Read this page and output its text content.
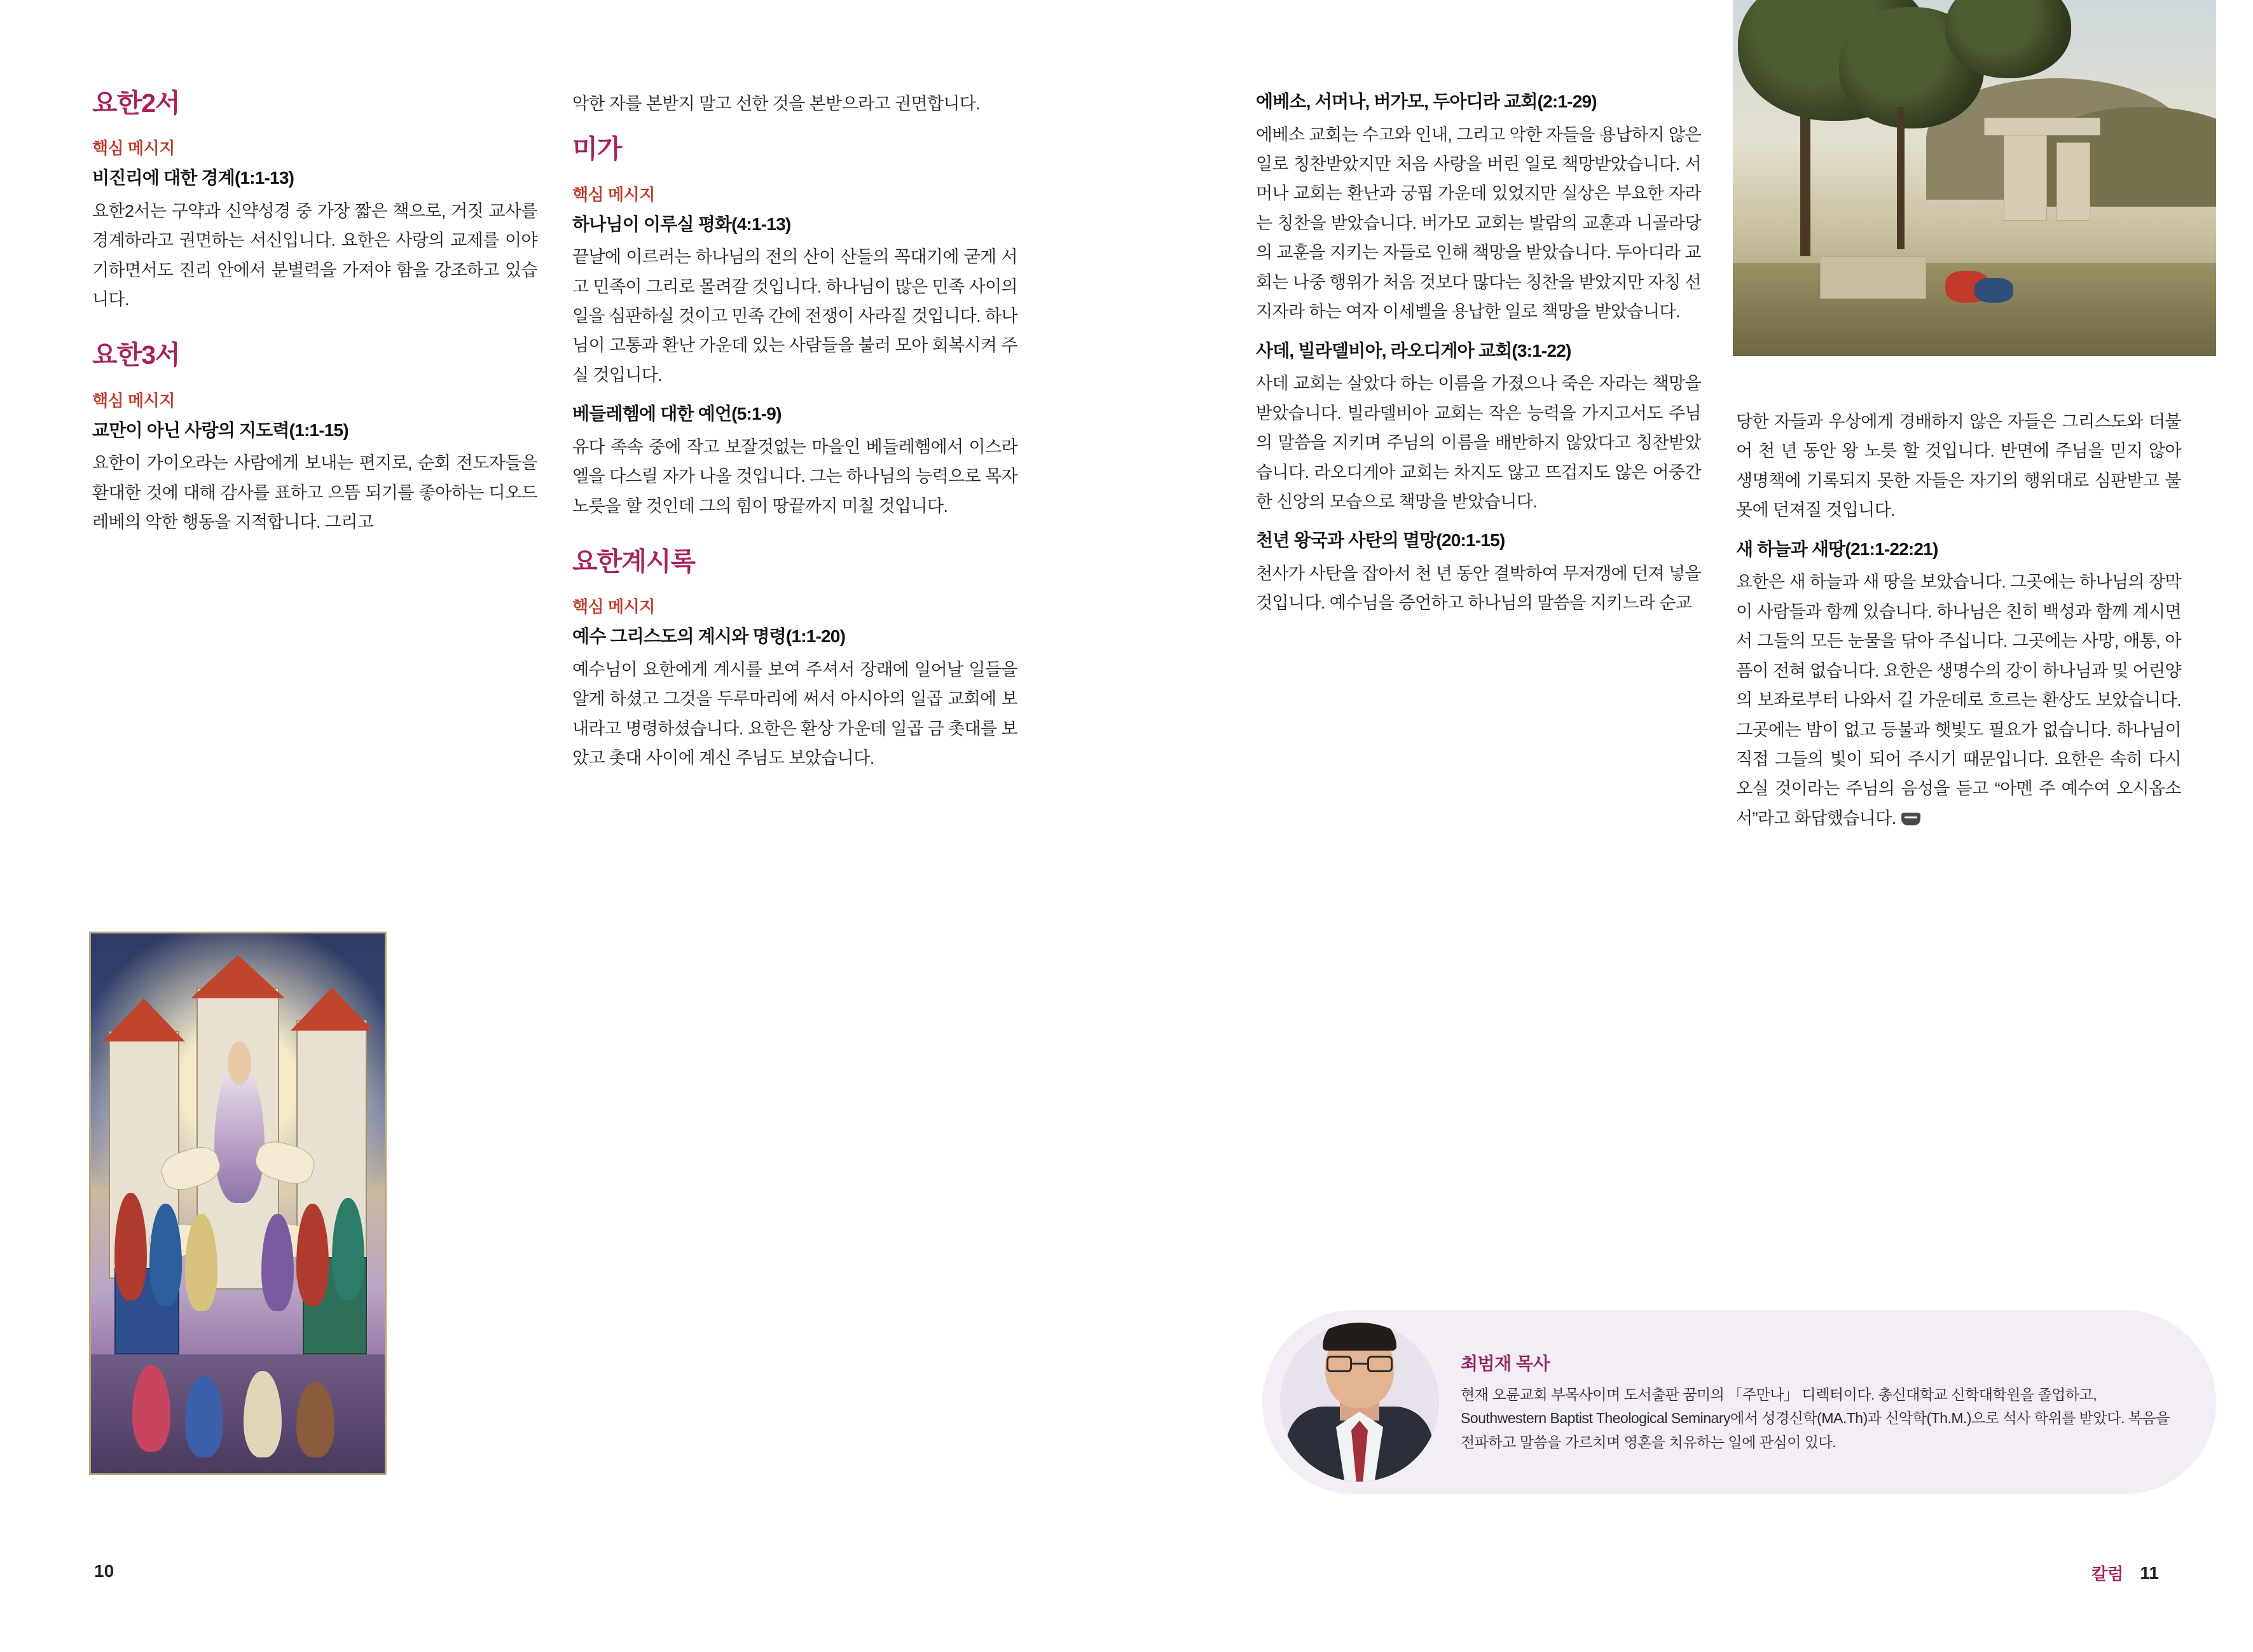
요한2서
핵심 메시지
비진리에 대한 경계(1:1-13)

요한2서는 구약과 신약성경 중 가장 짧은 책으로, 거짓 교사를 경계하라고 권면하는 서신입니다. 요한은 사랑의 교제를 이야기하면서도 진리 안에서 분별력을 가져야 함을 강조하고 있습니다.

요한3서
핵심 메시지
교만이 아닌 사랑의 지도력(1:1-15)

요한이 가이오라는 사람에게 보내는 편지로, 순회 전도자들을 환대한 것에 대해 감사를 표하고 으뜸 되기를 좋아하는 디오드레베의 악한 행동을 지적합니다. 그리고

악한 자를 본받지 말고 선한 것을 본받으라고 권면합니다.

미가
핵심 메시지
하나님이 이루실 평화(4:1-13)

끝날에 이르러는 하나님의 전의 산이 산들의 꼭대기에 굳게 서고 민족이 그리로 몰려갈 것입니다. 하나님이 많은 민족 사이의 일을 심판하실 것이고 민족 간에 전쟁이 사라질 것입니다. 하나님이 고통과 환난 가운데 있는 사람들을 불러 모아 회복시켜 주실 것입니다.

베들레헴에 대한 예언(5:1-9)

유다 족속 중에 작고 보잘것없는 마을인 베들레헴에서 이스라엘을 다스릴 자가 나올 것입니다. 그는 하나님의 능력으로 목자 노릇을 할 것인데 그의 힘이 땅끝까지 미칠 것입니다.

요한계시록
핵심 메시지
예수 그리스도의 계시와 명령(1:1-20)

예수님이 요한에게 계시를 보여 주셔서 장래에 일어날 일들을 알게 하셨고 그것을 두루마리에 써서 아시아의 일곱 교회에 보내라고 명령하셨습니다. 요한은 환상 가운데 일곱 금 촛대를 보았고 촛대 사이에 계신 주님도 보았습니다.

에베소, 서머나, 버가모, 두아디라 교회(2:1-29)

에베소 교회는 수고와 인내, 그리고 악한 자들을 용납하지 않은 일로 칭찬받았지만 처음 사랑을 버린 일로 책망받았습니다. 서머나 교회는 환난과 궁핍 가운데 있었지만 실상은 부요한 자라는 칭찬을 받았습니다. 버가모 교회는 발람의 교훈과 니골라당의 교훈을 지키는 자들로 인해 책망을 받았습니다. 두아디라 교회는 나중 행위가 처음 것보다 많다는 칭찬을 받았지만 자칭 선지자라 하는 여자 이세벨을 용납한 일로 책망을 받았습니다.

사데, 빌라델비아, 라오디게아 교회(3:1-22)

사데 교회는 살았다 하는 이름을 가졌으나 죽은 자라는 책망을 받았습니다. 빌라델비아 교회는 작은 능력을 가지고서도 주님의 말씀을 지키며 주님의 이름을 배반하지 않았다고 칭찬받았습니다. 라오디게아 교회는 차지도 않고 뜨겁지도 않은 어중간한 신앙의 모습으로 책망을 받았습니다.

천년 왕국과 사탄의 멸망(20:1-15)

천사가 사탄을 잡아서 천 년 동안 결박하여 무저갱에 던져 넣을 것입니다. 예수님을 증언하고 하나님의 말씀을 지키느라 순교

당한 자들과 우상에게 경배하지 않은 자들은 그리스도와 더불어 천 년 동안 왕 노릇 할 것입니다. 반면에 주님을 믿지 않아 생명책에 기록되지 못한 자들은 자기의 행위대로 심판받고 불 못에 던져질 것입니다.

새 하늘과 새땅(21:1-22:21)

요한은 새 하늘과 새 땅을 보았습니다. 그곳에는 하나님의 장막이 사람들과 함께 있습니다. 하나님은 친히 백성과 함께 계시면서 그들의 모든 눈물을 닦아 주십니다. 그곳에는 사망, 애통, 아픔이 전혀 없습니다. 요한은 생명수의 강이 하나님과 및 어린양의 보좌로부터 나와서 길 가운데로 흐르는 환상도 보았습니다. 그곳에는 밤이 없고 등불과 햇빛도 필요가 없습니다. 하나님이 직접 그들의 빛이 되어 주시기 때문입니다. 요한은 속히 다시 오실 것이라는 주님의 음성을 듣고 “아멘 주 예수여 오시옵소서”라고 화답했습니다.

최범재 목사
현재 오륜교회 부목사이며 도서출판 꿈미의 「주만나」 디렉터이다. 총신대학교 신학대학원을 졸업하고, Southwestern Baptist Theological Seminary에서 성경신학(MA.Th)과 신악학(Th.M.)으로 석사 학위를 받았다. 복음을 전파하고 말씀을 가르치며 영혼을 치유하는 일에 관심이 있다.
10	칼럼 11
